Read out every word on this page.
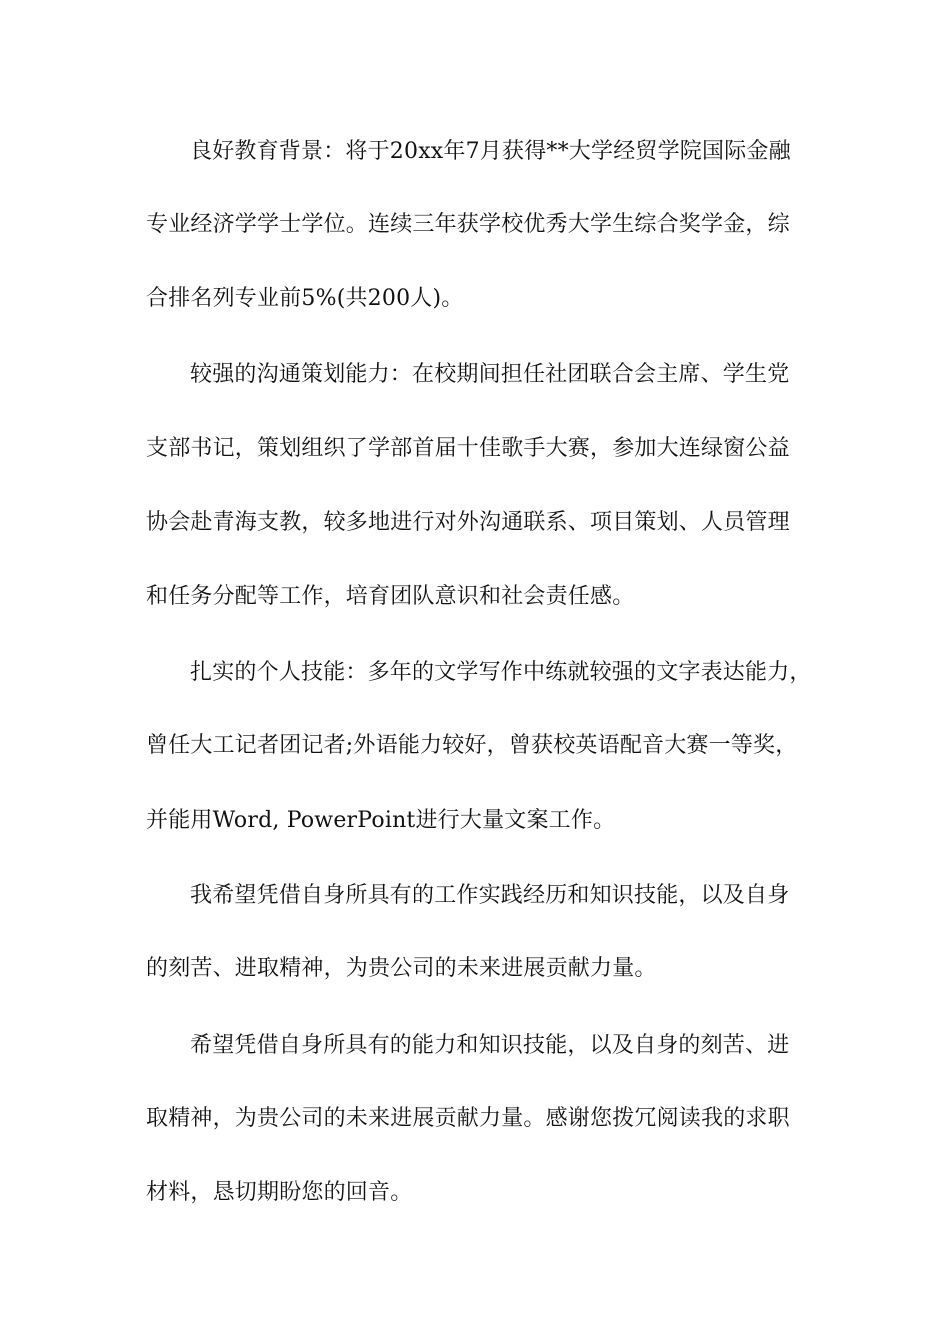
良好教育背景：将于20xx年7月获得**大学经贸学院国际金融
专业经济学学士学位。连续三年获学校优秀大学生综合奖学金，综
合排名列专业前5%(共200人)。
较强的沟通策划能力：在校期间担任社团联合会主席、学生党
支部书记，策划组织了学部首届十佳歌手大赛，参加大连绿窗公益
协会赴青海支教，较多地进行对外沟通联系、项目策划、人员管理
和任务分配等工作，培育团队意识和社会责任感。
扎实的个人技能：多年的文学写作中练就较强的文字表达能力，
曾任大工记者团记者;外语能力较好，曾获校英语配音大赛一等奖，
并能用Word, PowerPoint进行大量文案工作。
我希望凭借自身所具有的工作实践经历和知识技能，以及自身
的刻苦、进取精神，为贵公司的未来进展贡献力量。
希望凭借自身所具有的能力和知识技能，以及自身的刻苦、进
取精神，为贵公司的未来进展贡献力量。感谢您拨冗阅读我的求职
材料，恳切期盼您的回音。
